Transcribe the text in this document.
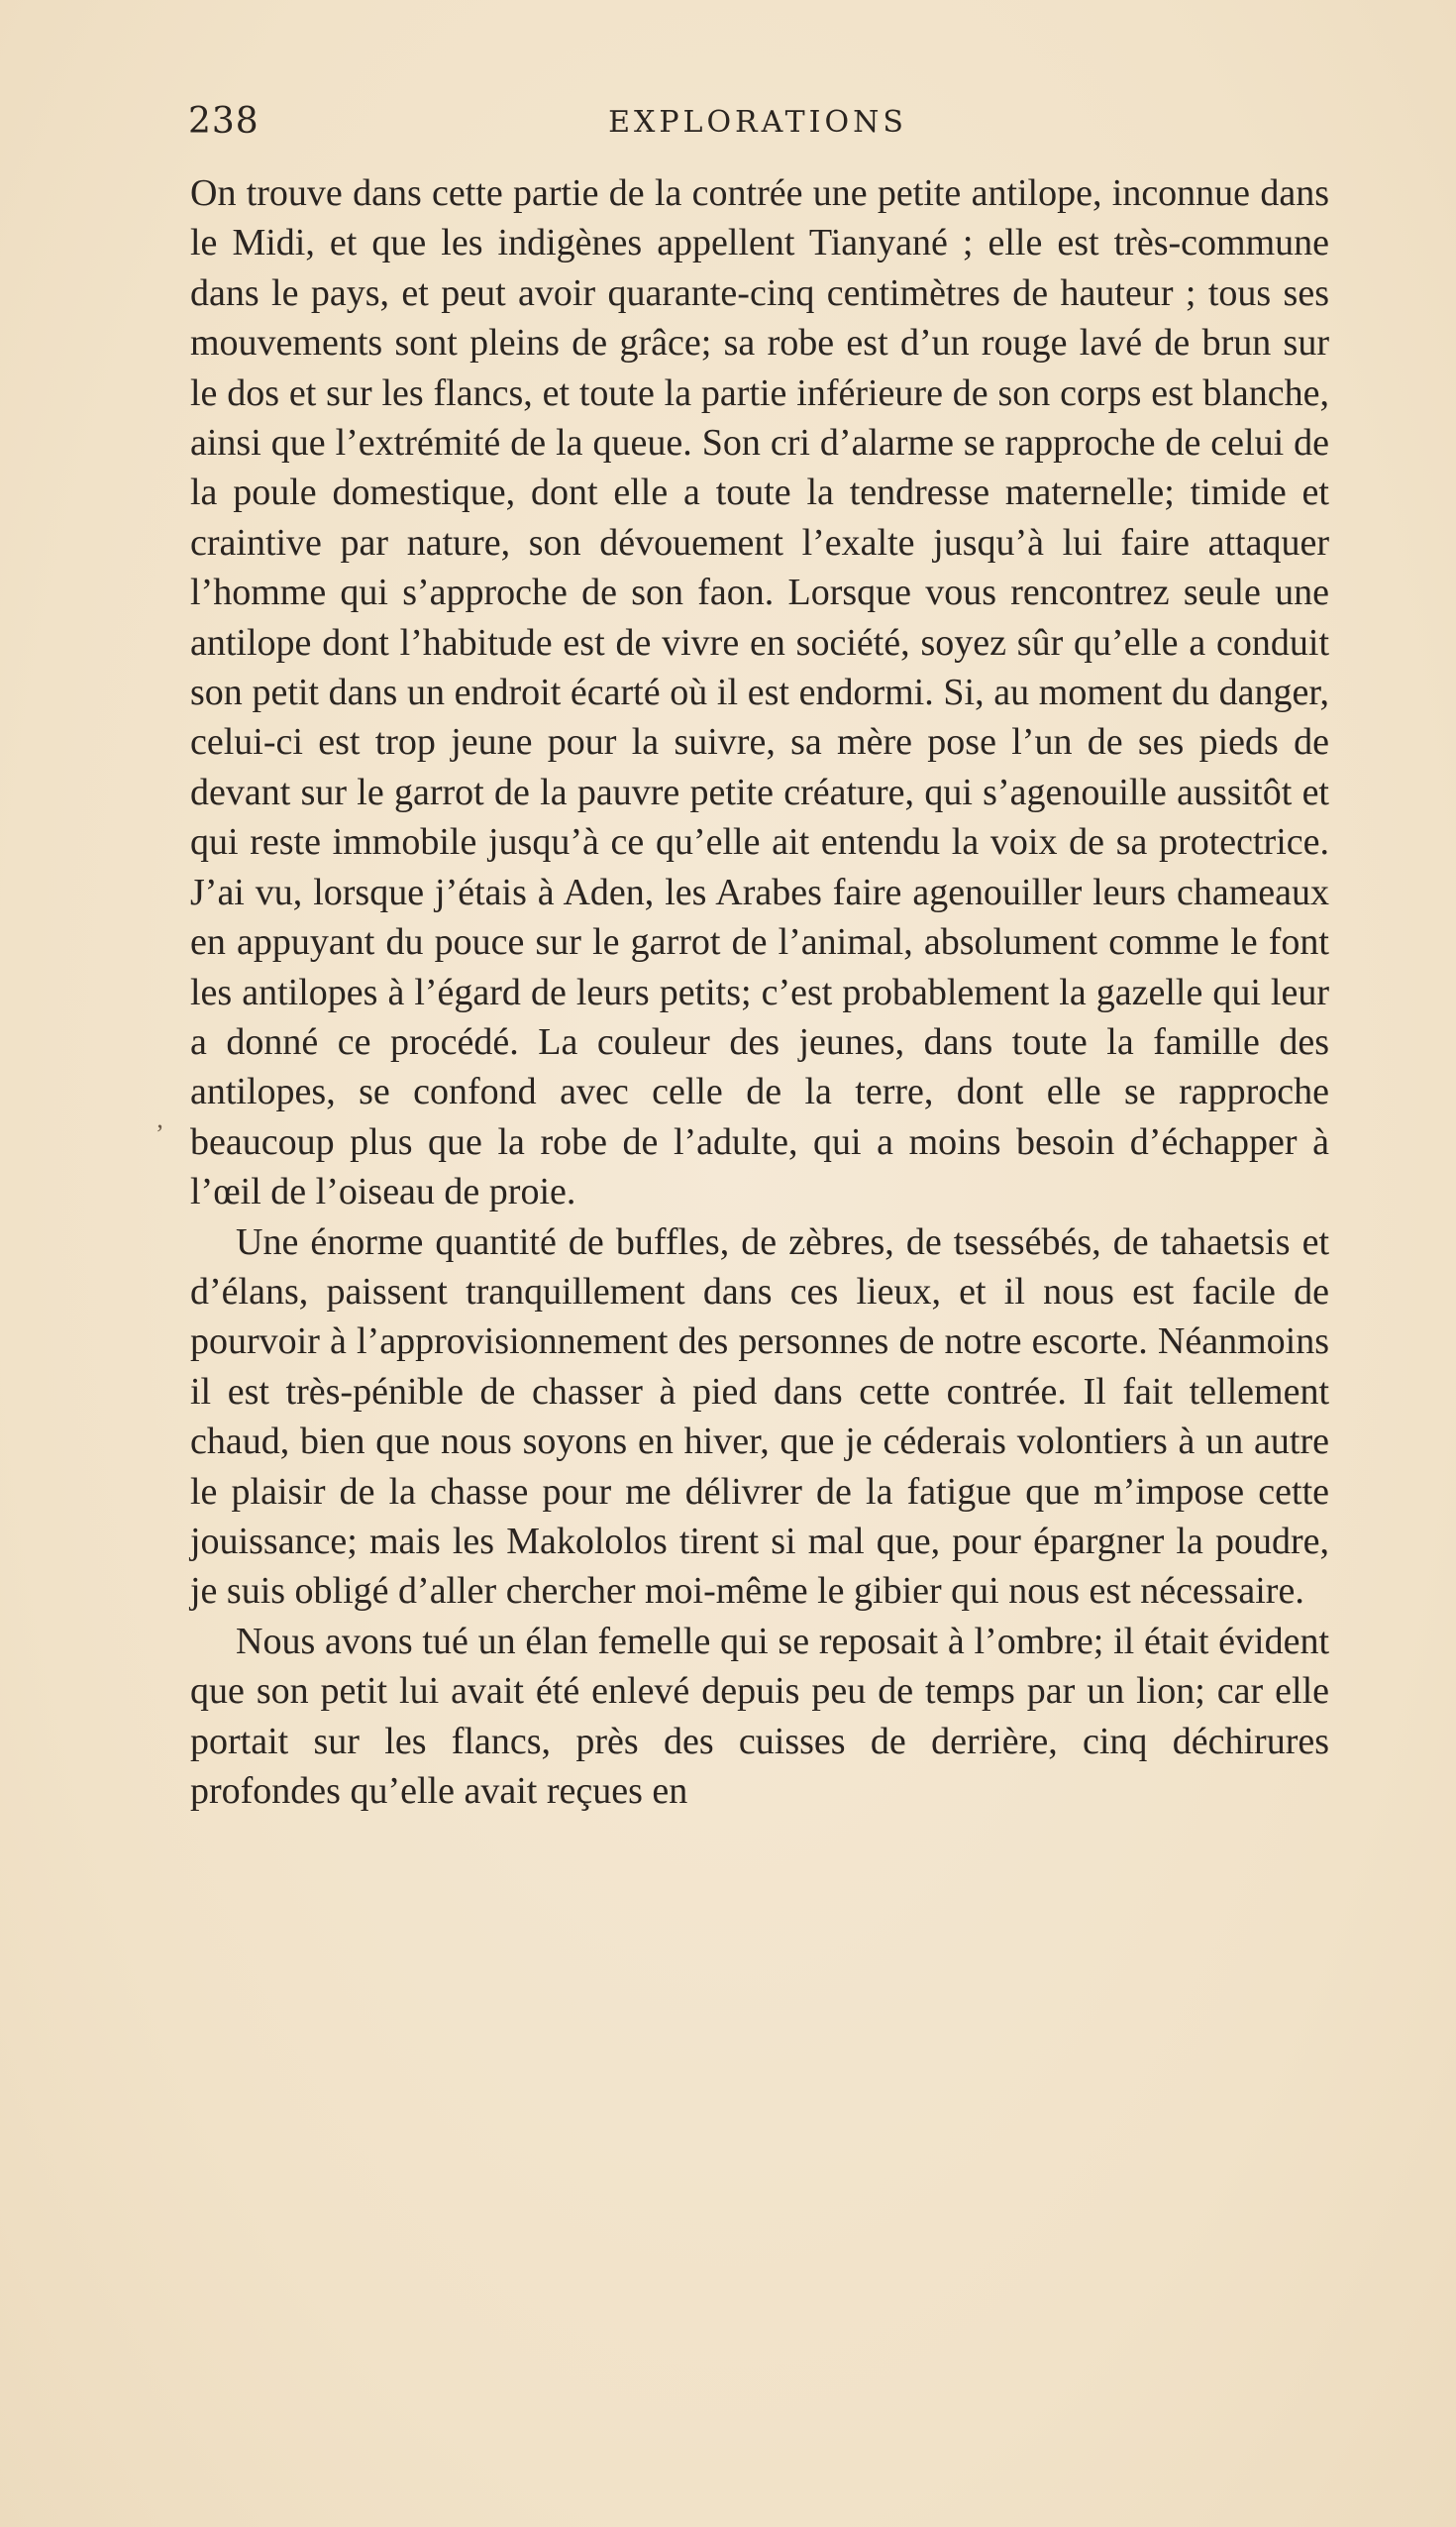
238	EXPLORATIONS
ʼ

On trouve dans cette partie de la contrée une petite antilope, inconnue dans le Midi, et que les indigènes appellent Tianyané ; elle est très-commune dans le pays, et peut avoir quarante-cinq centimètres de hauteur ; tous ses mouvements sont pleins de grâce; sa robe est d’un rouge lavé de brun sur le dos et sur les flancs, et toute la partie inférieure de son corps est blanche, ainsi que l’extrémité de la queue. Son cri d’alarme se rapproche de celui de la poule domestique, dont elle a toute la tendresse maternelle; timide et craintive par nature, son dévouement l’exalte jusqu’à lui faire attaquer l’homme qui s’approche de son faon. Lorsque vous rencontrez seule une antilope dont l’habitude est de vivre en société, soyez sûr qu’elle a conduit son petit dans un endroit écarté où il est endormi. Si, au moment du danger, celui-ci est trop jeune pour la suivre, sa mère pose l’un de ses pieds de devant sur le garrot de la pauvre petite créature, qui s’agenouille aussitôt et qui reste immobile jusqu’à ce qu’elle ait entendu la voix de sa protectrice. J’ai vu, lorsque j’étais à Aden, les Arabes faire agenouiller leurs chameaux en appuyant du pouce sur le garrot de l’animal, absolument comme le font les antilopes à l’égard de leurs petits; c’est probablement la gazelle qui leur a donné ce procédé. La couleur des jeunes, dans toute la famille des antilopes, se confond avec celle de la terre, dont elle se rapproche beaucoup plus que la robe de l’adulte, qui a moins besoin d’échapper à l’œil de l’oiseau de proie.

Une énorme quantité de buffles, de zèbres, de tsessébés, de tahaetsis et d’élans, paissent tranquillement dans ces lieux, et il nous est facile de pourvoir à l’approvisionnement des personnes de notre escorte. Néanmoins il est très-pénible de chasser à pied dans cette contrée. Il fait tellement chaud, bien que nous soyons en hiver, que je céderais volontiers à un autre le plaisir de la chasse pour me délivrer de la fatigue que m’impose cette jouissance; mais les Makololos tirent si mal que, pour épargner la poudre, je suis obligé d’aller chercher moi-même le gibier qui nous est nécessaire.

Nous avons tué un élan femelle qui se reposait à l’ombre; il était évident que son petit lui avait été enlevé depuis peu de temps par un lion; car elle portait sur les flancs, près des cuisses de derrière, cinq déchirures profondes qu’elle avait reçues en
